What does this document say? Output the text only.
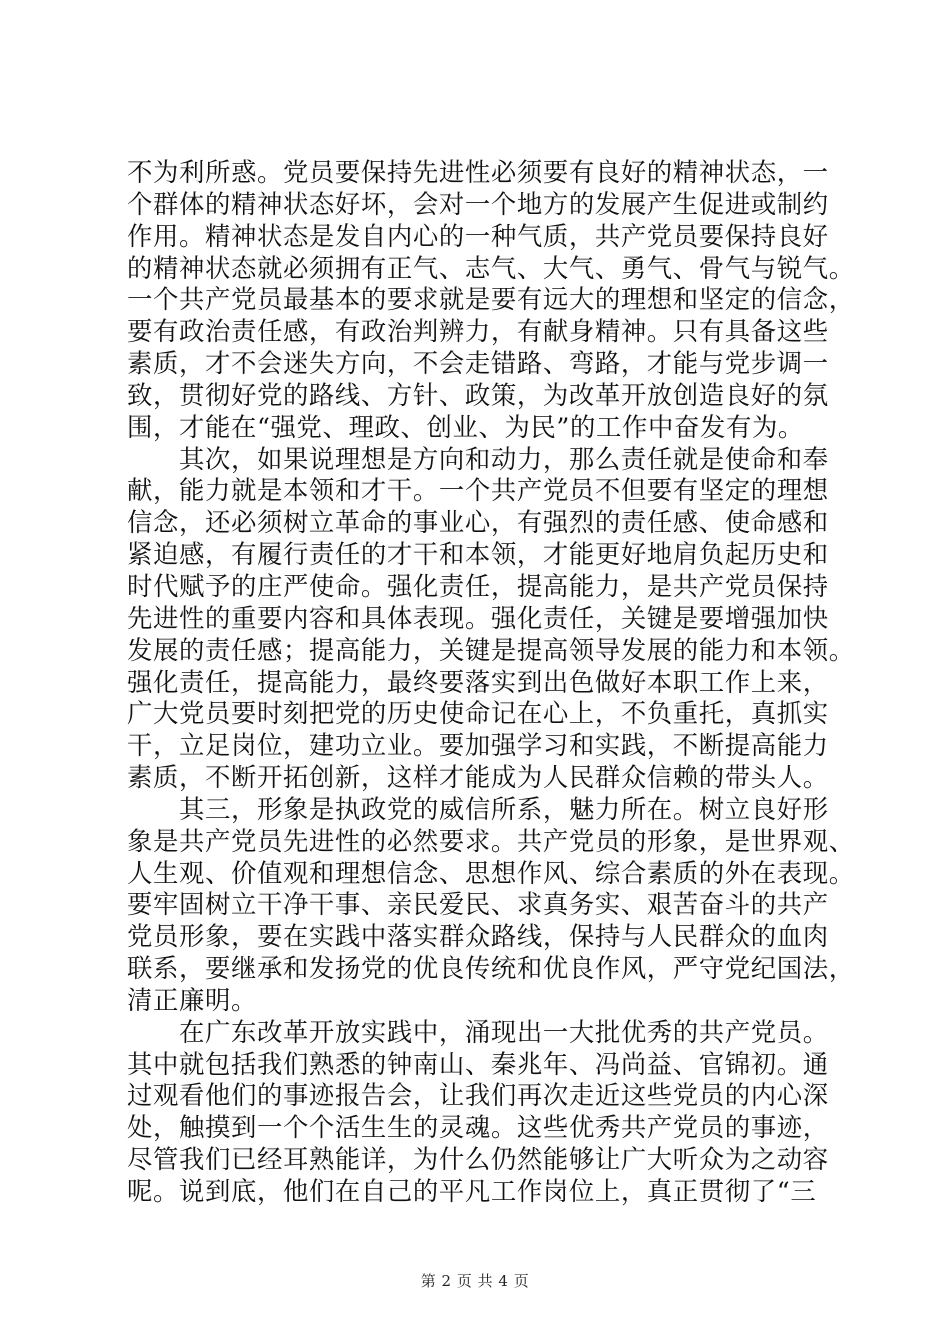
不为利所惑。党员要保持先进性必须要有良好的精神状态，一
个群体的精神状态好坏，会对一个地方的发展产生促进或制约
作用。精神状态是发自内心的一种气质，共产党员要保持良好
的精神状态就必须拥有正气、志气、大气、勇气、骨气与锐气。
一个共产党员最基本的要求就是要有远大的理想和坚定的信念，
要有政治责任感，有政治判辨力，有献身精神。只有具备这些
素质，才不会迷失方向，不会走错路、弯路，才能与党步调一
致，贯彻好党的路线、方针、政策，为改革开放创造良好的氛
围，才能在“强党、理政、创业、为民”的工作中奋发有为。
　　其次，如果说理想是方向和动力，那么责任就是使命和奉
献，能力就是本领和才干。一个共产党员不但要有坚定的理想
信念，还必须树立革命的事业心，有强烈的责任感、使命感和
紧迫感，有履行责任的才干和本领，才能更好地肩负起历史和
时代赋予的庄严使命。强化责任，提高能力，是共产党员保持
先进性的重要内容和具体表现。强化责任，关键是要增强加快
发展的责任感；提高能力，关键是提高领导发展的能力和本领。
强化责任，提高能力，最终要落实到出色做好本职工作上来，
广大党员要时刻把党的历史使命记在心上，不负重托，真抓实
干，立足岗位，建功立业。要加强学习和实践，不断提高能力
素质，不断开拓创新，这样才能成为人民群众信赖的带头人。
　　其三，形象是执政党的威信所系，魅力所在。树立良好形
象是共产党员先进性的必然要求。共产党员的形象，是世界观、
人生观、价值观和理想信念、思想作风、综合素质的外在表现。
要牢固树立干净干事、亲民爱民、求真务实、艰苦奋斗的共产
党员形象，要在实践中落实群众路线，保持与人民群众的血肉
联系，要继承和发扬党的优良传统和优良作风，严守党纪国法，
清正廉明。
　　在广东改革开放实践中，涌现出一大批优秀的共产党员。
其中就包括我们熟悉的钟南山、秦兆年、冯尚益、官锦初。通
过观看他们的事迹报告会，让我们再次走近这些党员的内心深
处，触摸到一个个活生生的灵魂。这些优秀共产党员的事迹，
尽管我们已经耳熟能详，为什么仍然能够让广大听众为之动容
呢。说到底，他们在自己的平凡工作岗位上，真正贯彻了“三
第 2 页 共 4 页
